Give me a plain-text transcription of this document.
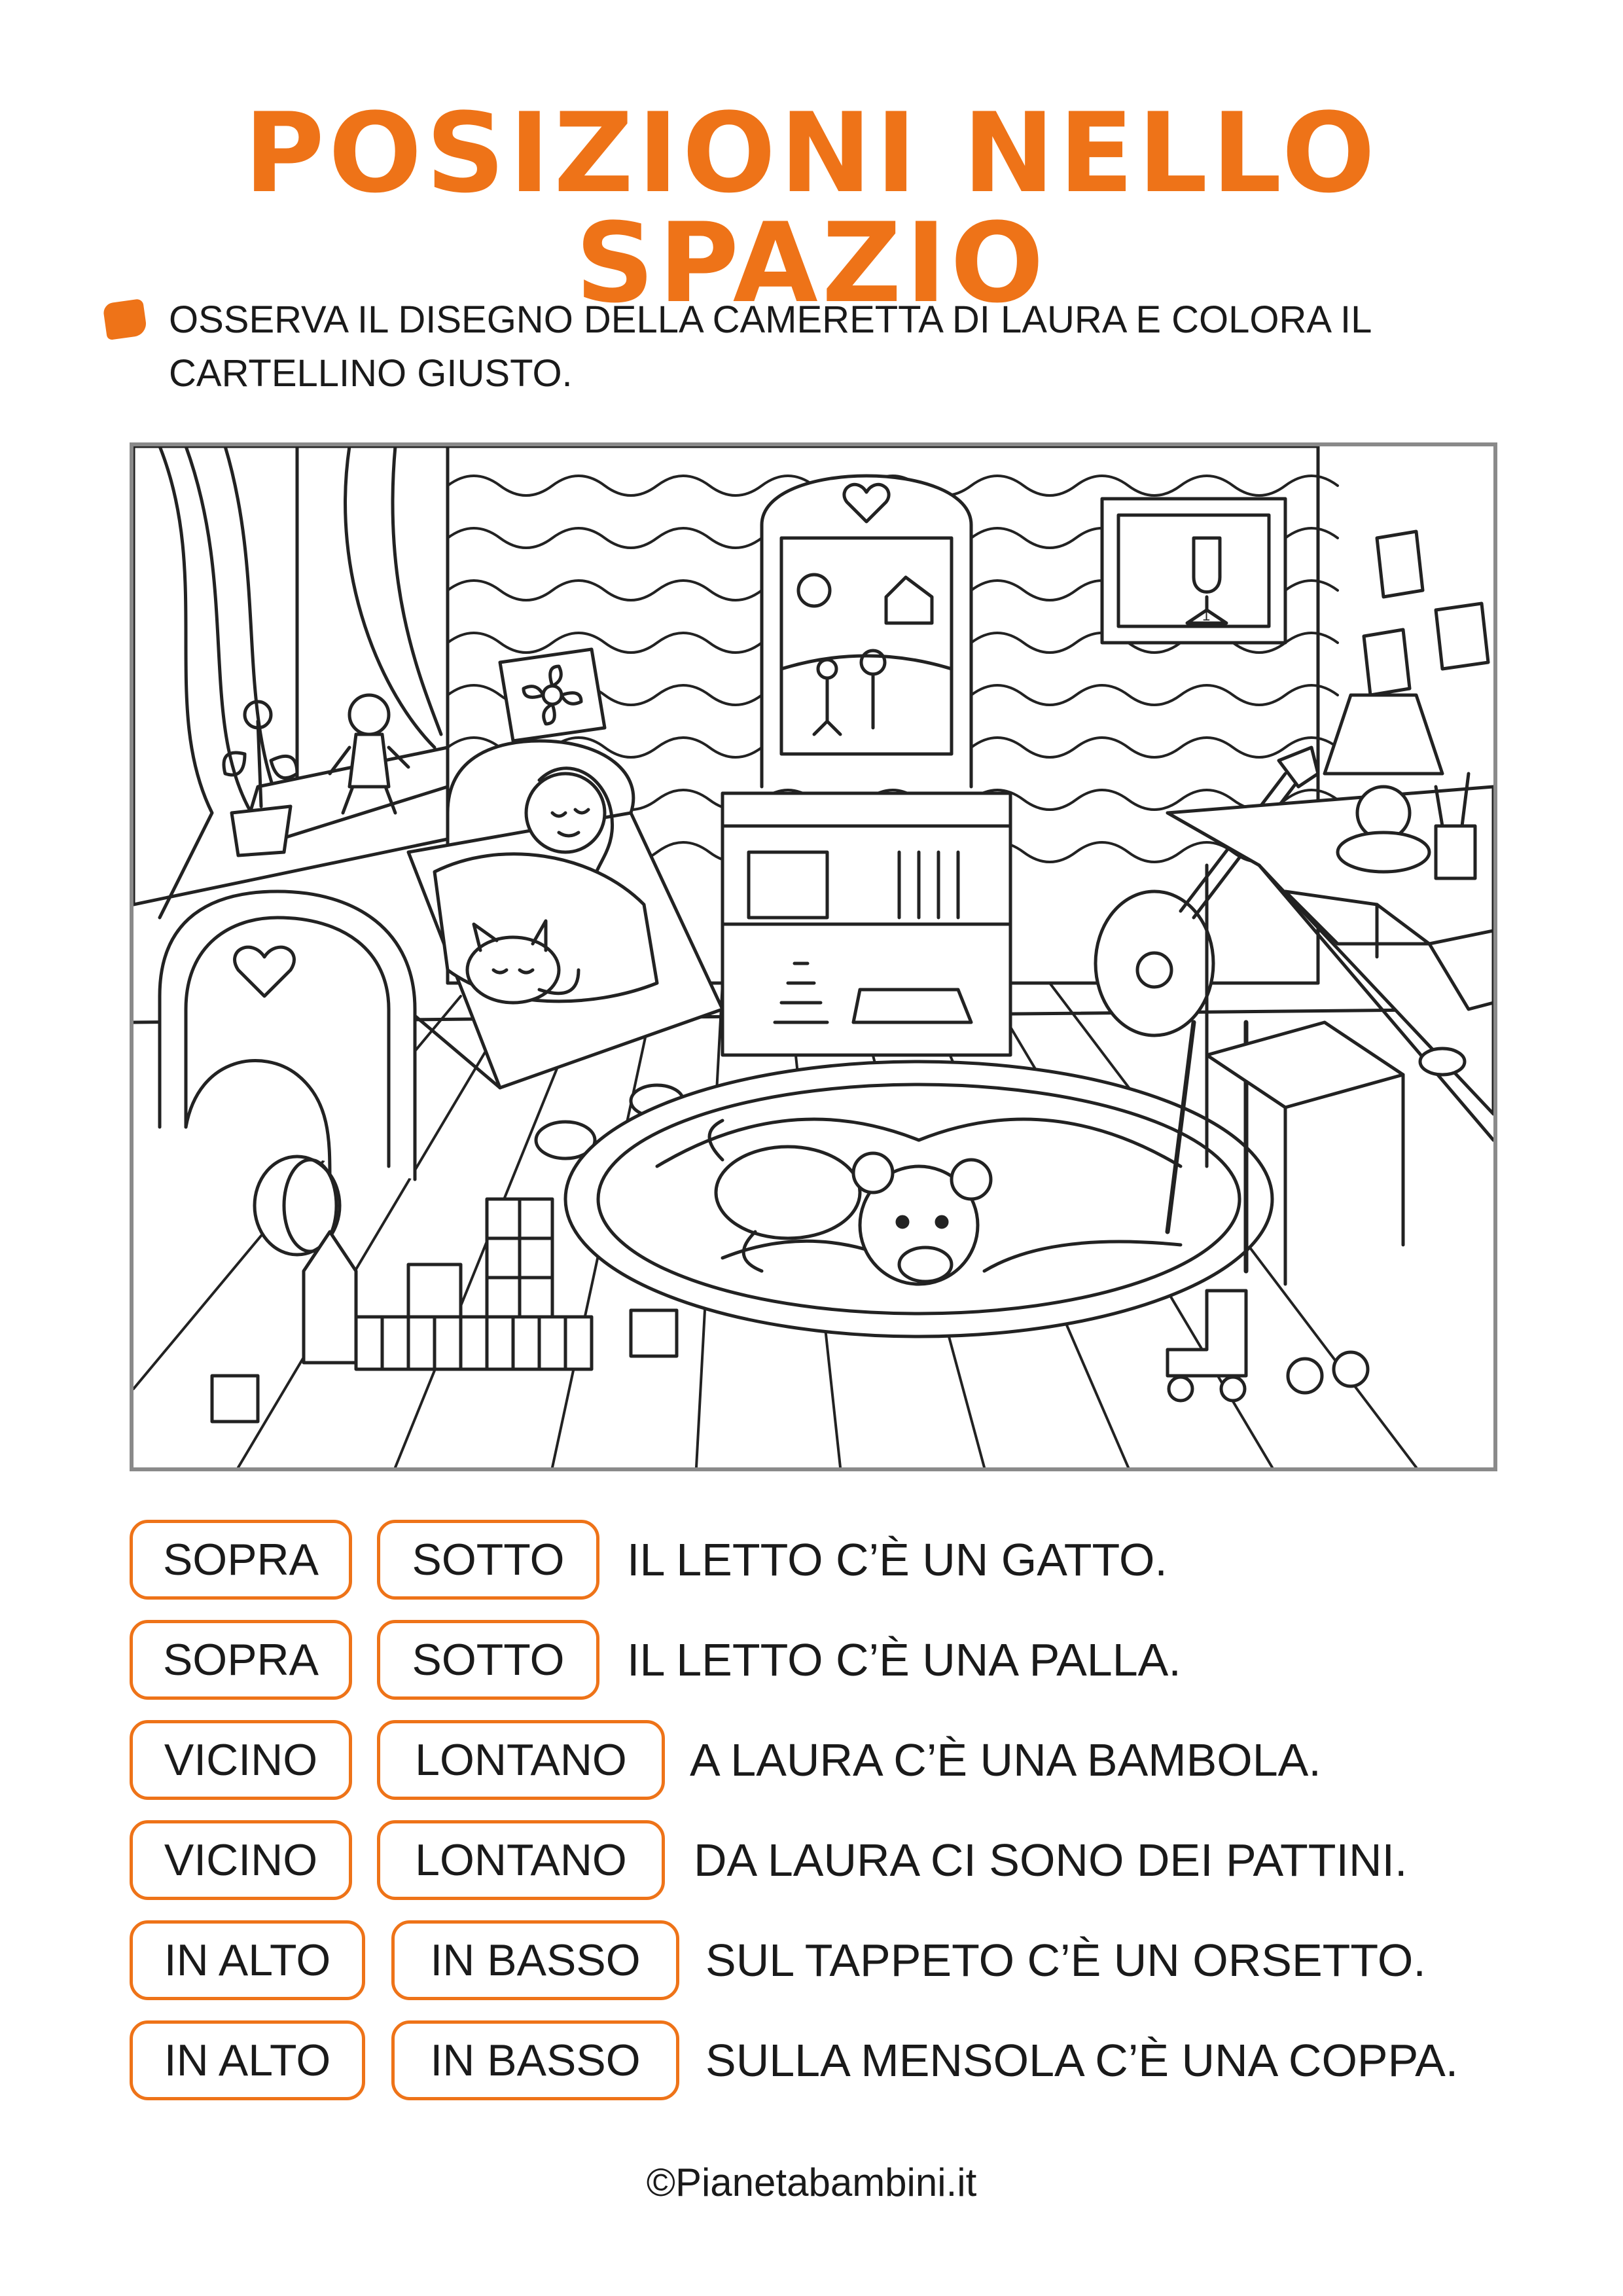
POSIZIONI NELLO SPAZIO
OSSERVA IL DISEGNO DELLA CAMERETTA DI LAURA E COLORA IL CARTELLINO GIUSTO.
1
SOPRA	SOTTO	IL LETTO C’È UN GATTO.
SOPRA	SOTTO	IL LETTO C’È UNA PALLA.
VICINO	LONTANO	A LAURA C’È UNA BAMBOLA.
VICINO	LONTANO	DA LAURA CI SONO DEI PATTINI.
IN ALTO	IN BASSO	SUL TAPPETO C’È UN ORSETTO.
IN ALTO	IN BASSO	SULLA MENSOLA C’È UNA COPPA.
©Pianetabambini.it
